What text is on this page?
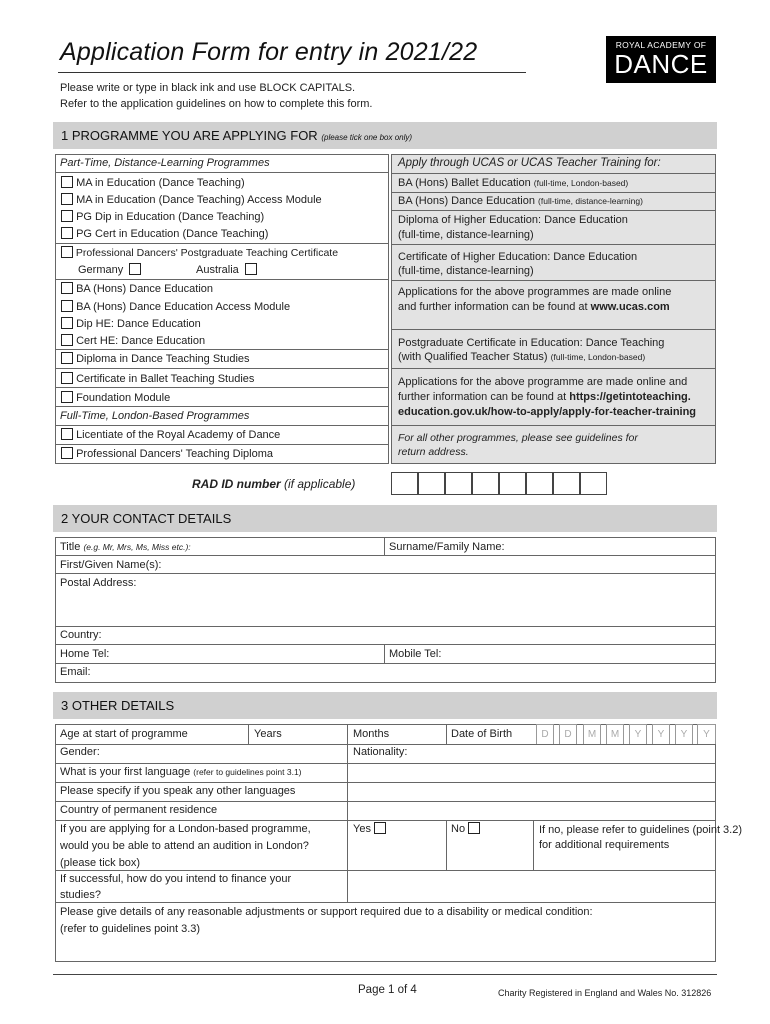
Application Form for entry in 2021/22	ROYAL ACADEMY OF
DANCE
Please write or type in black ink and use BLOCK CAPITALS.
Refer to the application guidelines on how to complete this form.
1 PROGRAMME YOU ARE APPLYING FOR (please tick one box only)
Part-Time, Distance-Learning Programmes
MA in Education (Dance Teaching)
MA in Education (Dance Teaching) Access Module
PG Dip in Education (Dance Teaching)
PG Cert in Education (Dance Teaching)
Professional Dancers' Postgraduate Teaching Certificate
Germany	Australia
BA (Hons) Dance Education
BA (Hons) Dance Education Access Module
Dip HE: Dance Education
Cert HE: Dance Education
Diploma in Dance Teaching Studies
Certificate in Ballet Teaching Studies
Foundation Module
Full-Time, London-Based Programmes
Licentiate of the Royal Academy of Dance
Professional Dancers' Teaching Diploma
Apply through UCAS or UCAS Teacher Training for:
BA (Hons) Ballet Education (full-time, London-based)
BA (Hons) Dance Education (full-time, distance-learning)
Diploma of Higher Education: Dance Education
(full-time, distance-learning)
Certificate of Higher Education: Dance Education
(full-time, distance-learning)
Applications for the above programmes are made online
and further information can be found at www.ucas.com
Postgraduate Certificate in Education: Dance Teaching
(with Qualified Teacher Status) (full-time, London-based)
Applications for the above programme are made online and
further information can be found at https://getintoteaching.
education.gov.uk/how-to-apply/apply-for-teacher-training
For all other programmes, please see guidelines for
return address.
RAD ID number (if applicable)
2 YOUR CONTACT DETAILS
Title (e.g. Mr, Mrs, Ms, Miss etc.):	Surname/Family Name:
First/Given Name(s):
Postal Address:
Country:
Home Tel:	Mobile Tel:
Email:
3 OTHER DETAILS
Age at start of programme	Years	Months	Date of Birth	D	D	M	M	Y	Y	Y	Y
Gender:	Nationality:
What is your first language (refer to guidelines point 3.1)
Please specify if you speak any other languages
Country of permanent residence
If you are applying for a London-based programme,
would you be able to attend an audition in London?
(please tick box)
Yes	No	If no, please refer to guidelines (point 3.2)
for additional requirements
If successful, how do you intend to finance your
studies?
Please give details of any reasonable adjustments or support required due to a disability or medical condition:
(refer to guidelines point 3.3)
Page 1 of 4	Charity Registered in England and Wales No. 312826
